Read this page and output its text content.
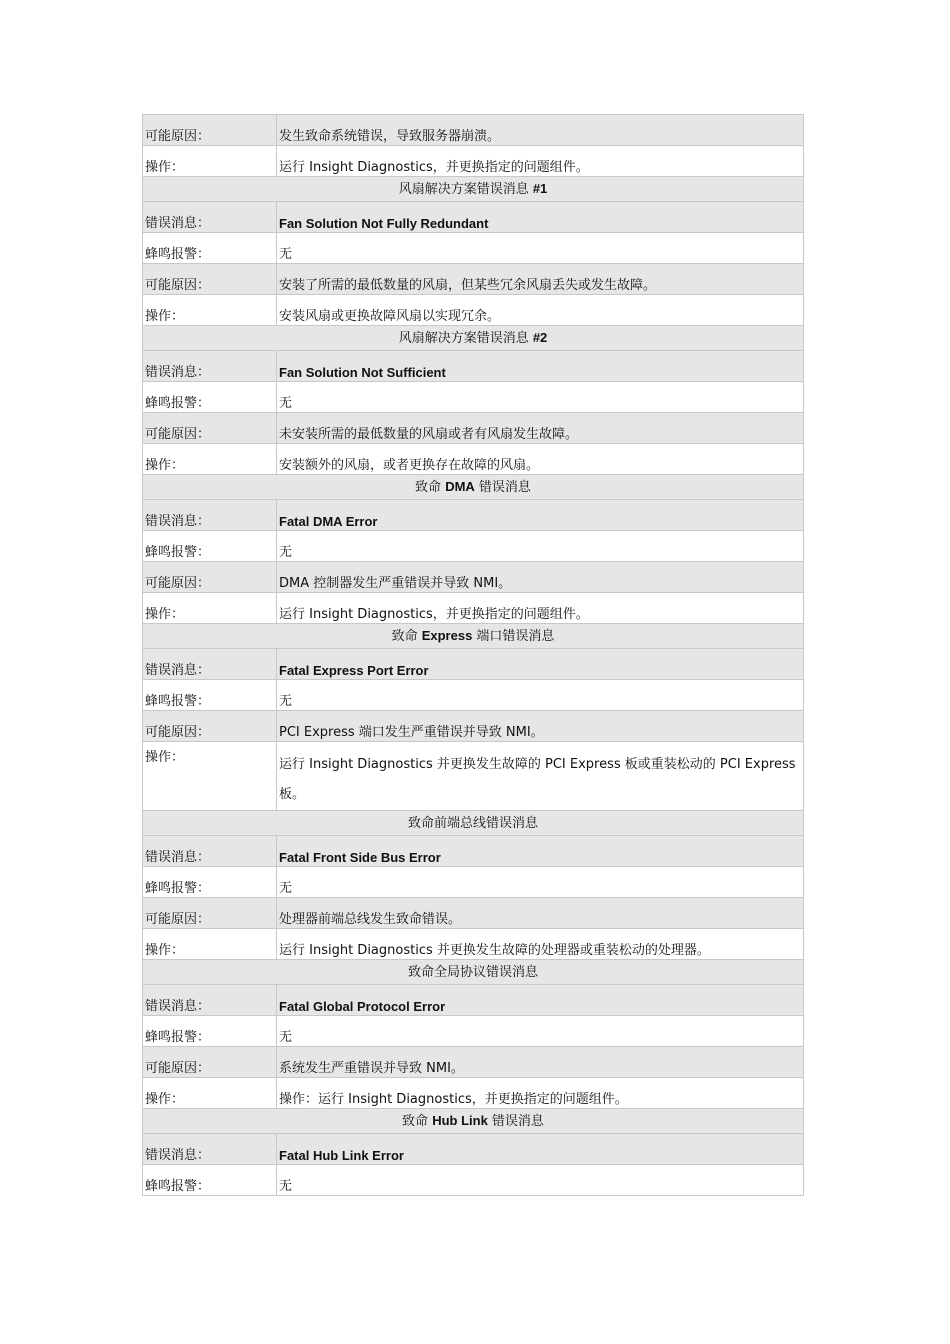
可能原因：	发生致命系统错误，导致服务器崩溃。
操作：	运行 Insight Diagnostics，并更换指定的问题组件。
风扇解决方案错误消息 #1	
错误消息：	Fan Solution Not Fully Redundant
蜂鸣报警：	无
可能原因：	安装了所需的最低数量的风扇，但某些冗余风扇丢失或发生故障。
操作：	安装风扇或更换故障风扇以实现冗余。
风扇解决方案错误消息 #2	
错误消息：	Fan Solution Not Sufficient
蜂鸣报警：	无
可能原因：	未安装所需的最低数量的风扇或者有风扇发生故障。
操作：	安装额外的风扇，或者更换存在故障的风扇。
致命 DMA 错误消息	
错误消息：	Fatal DMA Error
蜂鸣报警：	无
可能原因：	DMA 控制器发生严重错误并导致 NMI。
操作：	运行 Insight Diagnostics，并更换指定的问题组件。
致命 Express 端口错误消息	
错误消息：	Fatal Express Port Error
蜂鸣报警：	无
可能原因：	PCI Express 端口发生严重错误并导致 NMI。
操作：	运行 Insight Diagnostics 并更换发生故障的 PCI Express 板或重装松动的 PCI Express 板。
致命前端总线错误消息	
错误消息：	Fatal Front Side Bus Error
蜂鸣报警：	无
可能原因：	处理器前端总线发生致命错误。
操作：	运行 Insight Diagnostics 并更换发生故障的处理器或重装松动的处理器。
致命全局协议错误消息	
错误消息：	Fatal Global Protocol Error
蜂鸣报警：	无
可能原因：	系统发生严重错误并导致 NMI。
操作：	操作：运行 Insight Diagnostics，并更换指定的问题组件。
致命 Hub Link 错误消息	
错误消息：	Fatal Hub Link Error
蜂鸣报警：	无
